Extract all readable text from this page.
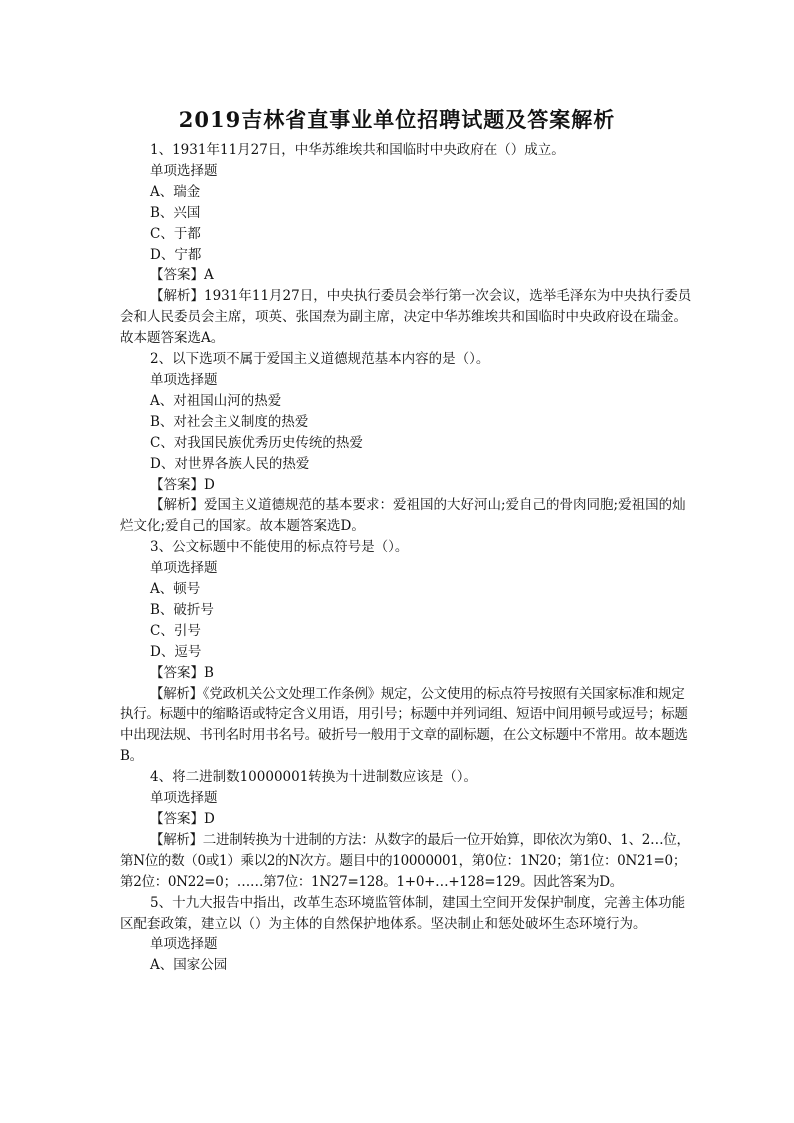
2019吉林省直事业单位招聘试题及答案解析

1、1931年11月27日，中华苏维埃共和国临时中央政府在（）成立。

单项选择题

A、瑞金

B、兴国

C、于都

D、宁都

【答案】A

【解析】1931年11月27日，中央执行委员会举行第一次会议，选举毛泽东为中央执行委员会和人民委员会主席，项英、张国焘为副主席，决定中华苏维埃共和国临时中央政府设在瑞金。故本题答案选A。

2、以下选项不属于爱国主义道德规范基本内容的是（）。

单项选择题

A、对祖国山河的热爱

B、对社会主义制度的热爱

C、对我国民族优秀历史传统的热爱

D、对世界各族人民的热爱

【答案】D

【解析】爱国主义道德规范的基本要求：爱祖国的大好河山;爱自己的骨肉同胞;爱祖国的灿烂文化;爱自己的国家。故本题答案选D。

3、公文标题中不能使用的标点符号是（）。

单项选择题

A、顿号

B、破折号

C、引号

D、逗号

【答案】B

【解析】《党政机关公文处理工作条例》规定，公文使用的标点符号按照有关国家标准和规定执行。标题中的缩略语或特定含义用语，用引号；标题中并列词组、短语中间用顿号或逗号；标题中出现法规、书刊名时用书名号。破折号一般用于文章的副标题，在公文标题中不常用。故本题选B。

4、将二进制数10000001转换为十进制数应该是（）。

单项选择题

【答案】D

【解析】二进制转换为十进制的方法：从数字的最后一位开始算，即依次为第0、1、2…位，第N位的数（0或1）乘以2的N次方。题目中的10000001，第0位：1N20；第1位：0N21=0；第2位：0N22=0；……第7位：1N27=128。1+0+…+128=129。因此答案为D。

5、十九大报告中指出，改革生态环境监管体制，建国土空间开发保护制度，完善主体功能区配套政策，建立以（）为主体的自然保护地体系。坚决制止和惩处破坏生态环境行为。

单项选择题

A、国家公园
